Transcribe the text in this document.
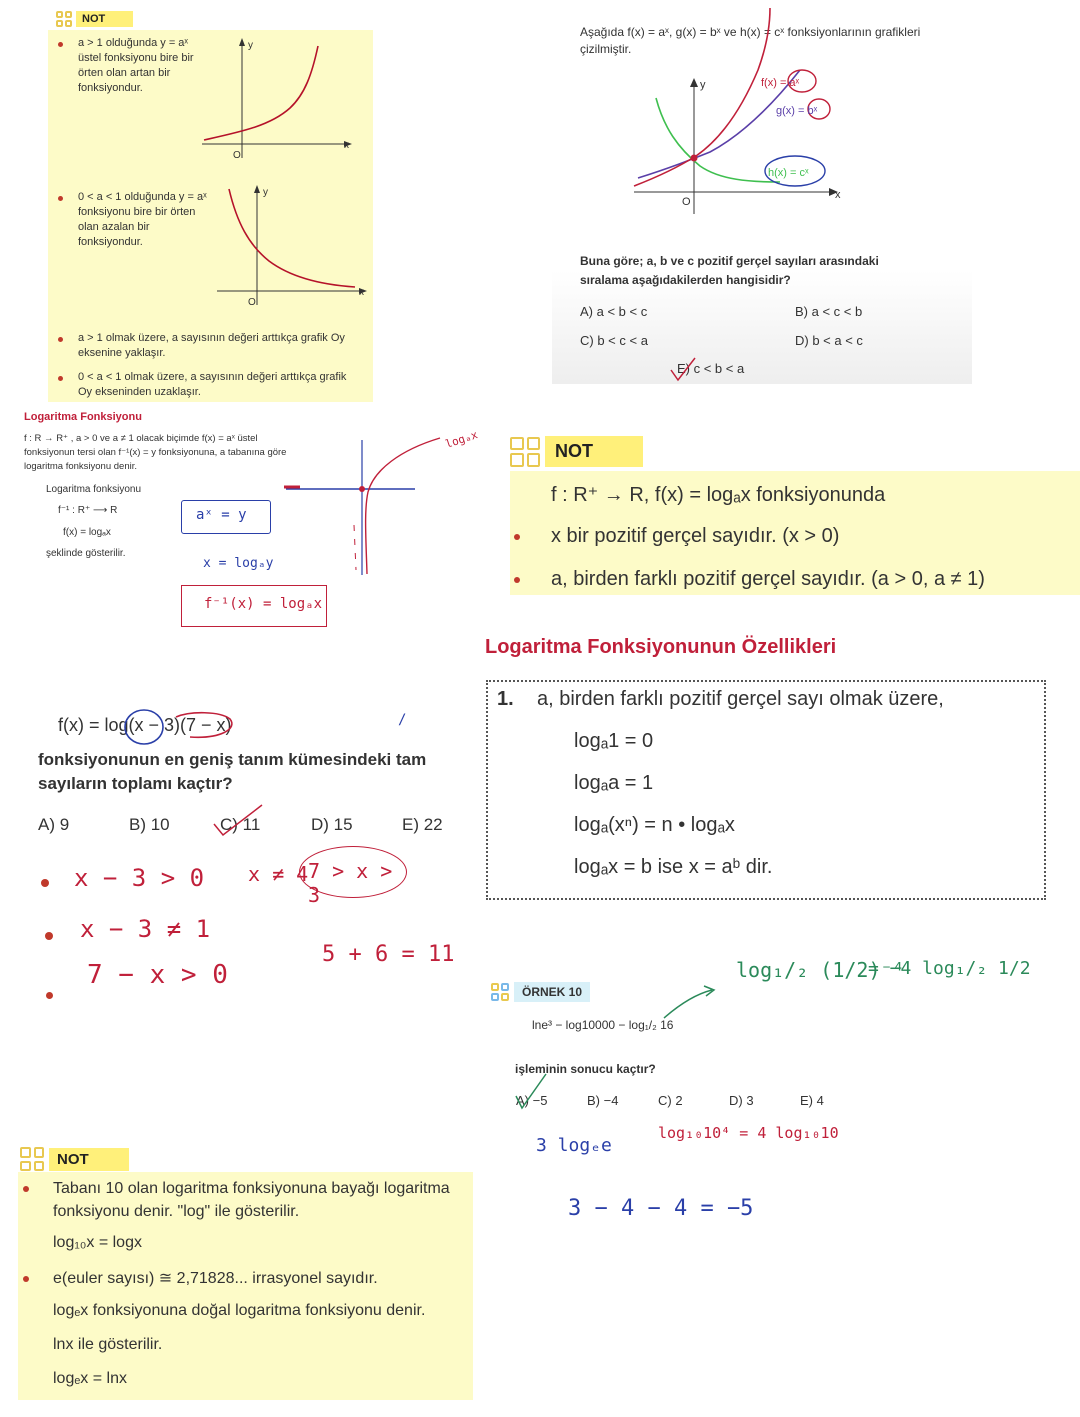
NOT
a > 1 olduğunda y = aˣ üstel fonksiyonu bire bir örten olan artan bir fonksiyondur.
0 < a < 1 olduğunda y = aˣ fonksiyonu bire bir örten olan azalan bir fonksiyondur.
a > 1 olmak üzere, a sayısının değeri arttıkça grafik Oy eksenine yaklaşır.
0 < a < 1 olmak üzere, a sayısının değeri arttıkça grafik Oy ekseninden uzaklaşır.
y
x
O
y
x
O
Aşağıda f(x) = aˣ, g(x) = bˣ ve h(x) = cˣ fonksiyonlarının grafikleri çizilmiştir.
y
x
O
f(x) = aˣ
g(x) = bˣ
h(x) = cˣ
Buna göre; a, b ve c pozitif gerçel sayıları arasındaki sıralama aşağıdakilerden hangisidir?
A) a < b < c	B) a < c < b
C) b < c < a	D) b < a < c
E) c < b < a
Logaritma Fonksiyonu
f : R → R⁺ , a > 0 ve a ≠ 1 olacak biçimde f(x) = aˣ üstel fonksiyonun tersi olan f⁻¹(x) = y fonksiyonuna, a tabanına göre logaritma fonksiyonu denir.
Logaritma fonksiyonu
f⁻¹ : R⁺ ⟶ R
f(x) = logₐx
şeklinde gösterilir.
aˣ = y
x = logₐy
f⁻¹(x) = logₐx
logₐx
NOT
f : R⁺ → R, f(x) = logₐx fonksiyonunda
x bir pozitif gerçel sayıdır. (x > 0)
a, birden farklı pozitif gerçel sayıdır. (a > 0, a ≠ 1)
Logaritma Fonksiyonunun Özellikleri
1. a, birden farklı pozitif gerçel sayı olmak üzere,
logₐ1 = 0
logₐa = 1
logₐ(xⁿ) = n • logₐx
logₐx = b ise x = aᵇ dir.
f(x) = log(x − 3)(7 − x)	/
fonksiyonunun en geniş tanım kümesindeki tam sayıların toplamı kaçtır?
A) 9	B) 10	C) 11	D) 15	E) 22
x − 3 > 0
x − 3 ≠ 1
7 − x > 0
x ≠ 4 7 > x > 3
5 + 6 = 11
ÖRNEK 10
lne³ − log10000 − log₁/₂ 16
işleminin sonucu kaçtır?
A) −5	B) −4	C) 2	D) 3	E) 4
log₁/₂ (1/2)⁻⁴
= −4 log₁/₂ 1/2
3 logₑe
log₁₀10⁴ = 4 log₁₀10
3 − 4 − 4 = −5
NOT
Tabanı 10 olan logaritma fonksiyonuna bayağı logaritma fonksiyonu denir. "log" ile gösterilir.
log₁₀x = logx
e(euler sayısı) ≅ 2,71828... irrasyonel sayıdır.
logₑx fonksiyonuna doğal logaritma fonksiyonu denir.
lnx ile gösterilir.
logₑx = lnx
